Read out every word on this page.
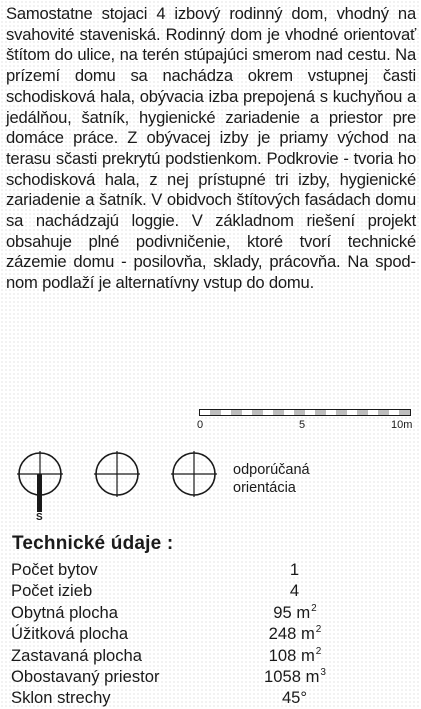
Samostatne stojaci 4 izbový rodinný dom, vhodný na svahovité staveniská. Rodinný dom je vhodné orientovať štítom do ulice, na terén stúpajúci smerom nad cestu. Na prízemí domu sa nachádza okrem vstupnej časti schodisková hala, obývacia izba prepojená s kuchyňou a jedálňou, šatník, hygienické zariadenie a priestor pre domáce práce. Z obývacej izby je priamy východ na terasu sčasti prekrytú podstienkom. Podkrovie - tvoria ho schodisková hala, z nej prístupné tri izby, hygienické zariadenie a šatník. V obidvoch štítových fasádach domu sa nachádzajú loggie. V základnom riešení projekt obsahuje plné podivničenie, ktoré tvorí technické zázemie domu - posilovňa, sklady, prácovňa. Na spodnom podlaží je alternatívny vstup do domu.

0	5	10m
S
odporúčaná
orientácia
Technické údaje :
Počet bytov	1
Počet izieb	4
Obytná plocha	95 $m^2$
Úžitková plocha	248 $m^2$
Zastavaná plocha	108 $m^2$
Obostavaný priestor	1058 $m^3$
Sklon strechy	45°
